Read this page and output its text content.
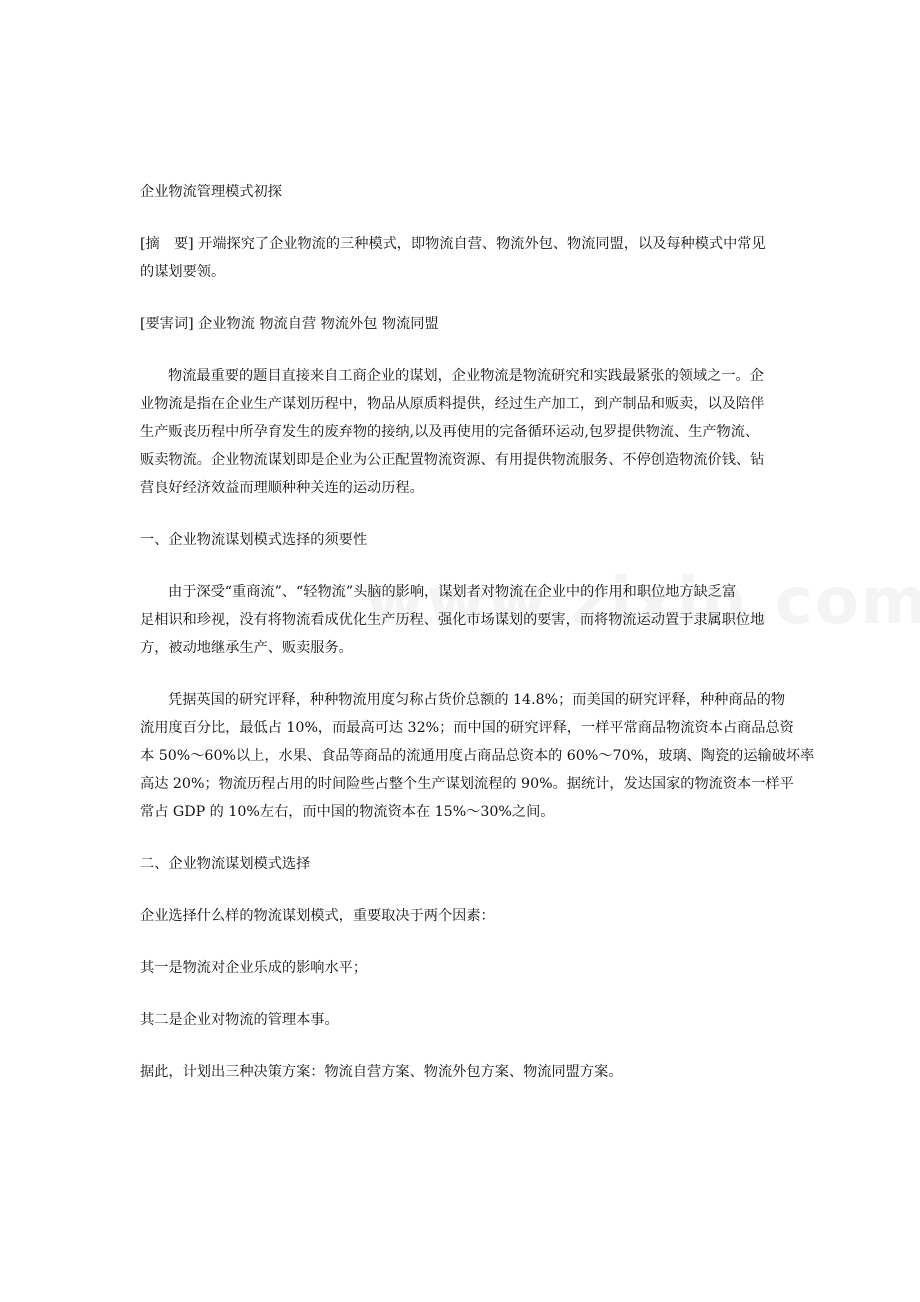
企业物流管理模式初探

[摘　要] 开端探究了企业物流的三种模式，即物流自营、物流外包、物流同盟，以及每种模式中常见

的谋划要领。

[要害词] 企业物流 物流自营 物流外包 物流同盟

物流最重要的题目直接来自工商企业的谋划，企业物流是物流研究和实践最紧张的领域之一。企

业物流是指在企业生产谋划历程中，物品从原质料提供，经过生产加工，到产制品和贩卖，以及陪伴

生产贩丧历程中所孕育发生的废弃物的接纳,以及再使用的完备循环运动,包罗提供物流、生产物流、

贩卖物流。企业物流谋划即是企业为公正配置物流资源、有用提供物流服务、不停创造物流价钱、钻

营良好经济效益而理顺种种关连的运动历程。

一、企业物流谋划模式选择的须要性

由于深受“重商流”、“轻物流”头脑的影响，谋划者对物流在企业中的作用和职位地方缺乏富

足相识和珍视，没有将物流看成优化生产历程、强化市场谋划的要害，而将物流运动置于隶属职位地

方，被动地继承生产、贩卖服务。

凭据英国的研究评释，种种物流用度匀称占货价总额的 14.8%；而美国的研究评释，种种商品的物

流用度百分比，最低占 10%，而最高可达 32%；而中国的研究评释，一样平常商品物流资本占商品总资

本 50%～60%以上，水果、食品等商品的流通用度占商品总资本的 60%～70%，玻璃、陶瓷的运输破坏率

高达 20%；物流历程占用的时间险些占整个生产谋划流程的 90%。据统计，发达国家的物流资本一样平

常占 GDP 的 10%左右，而中国的物流资本在 15%～30%之间。

二、企业物流谋划模式选择

企业选择什么样的物流谋划模式，重要取决于两个因素：

其一是物流对企业乐成的影响水平；

其二是企业对物流的管理本事。

据此，计划出三种决策方案：物流自营方案、物流外包方案、物流同盟方案。
